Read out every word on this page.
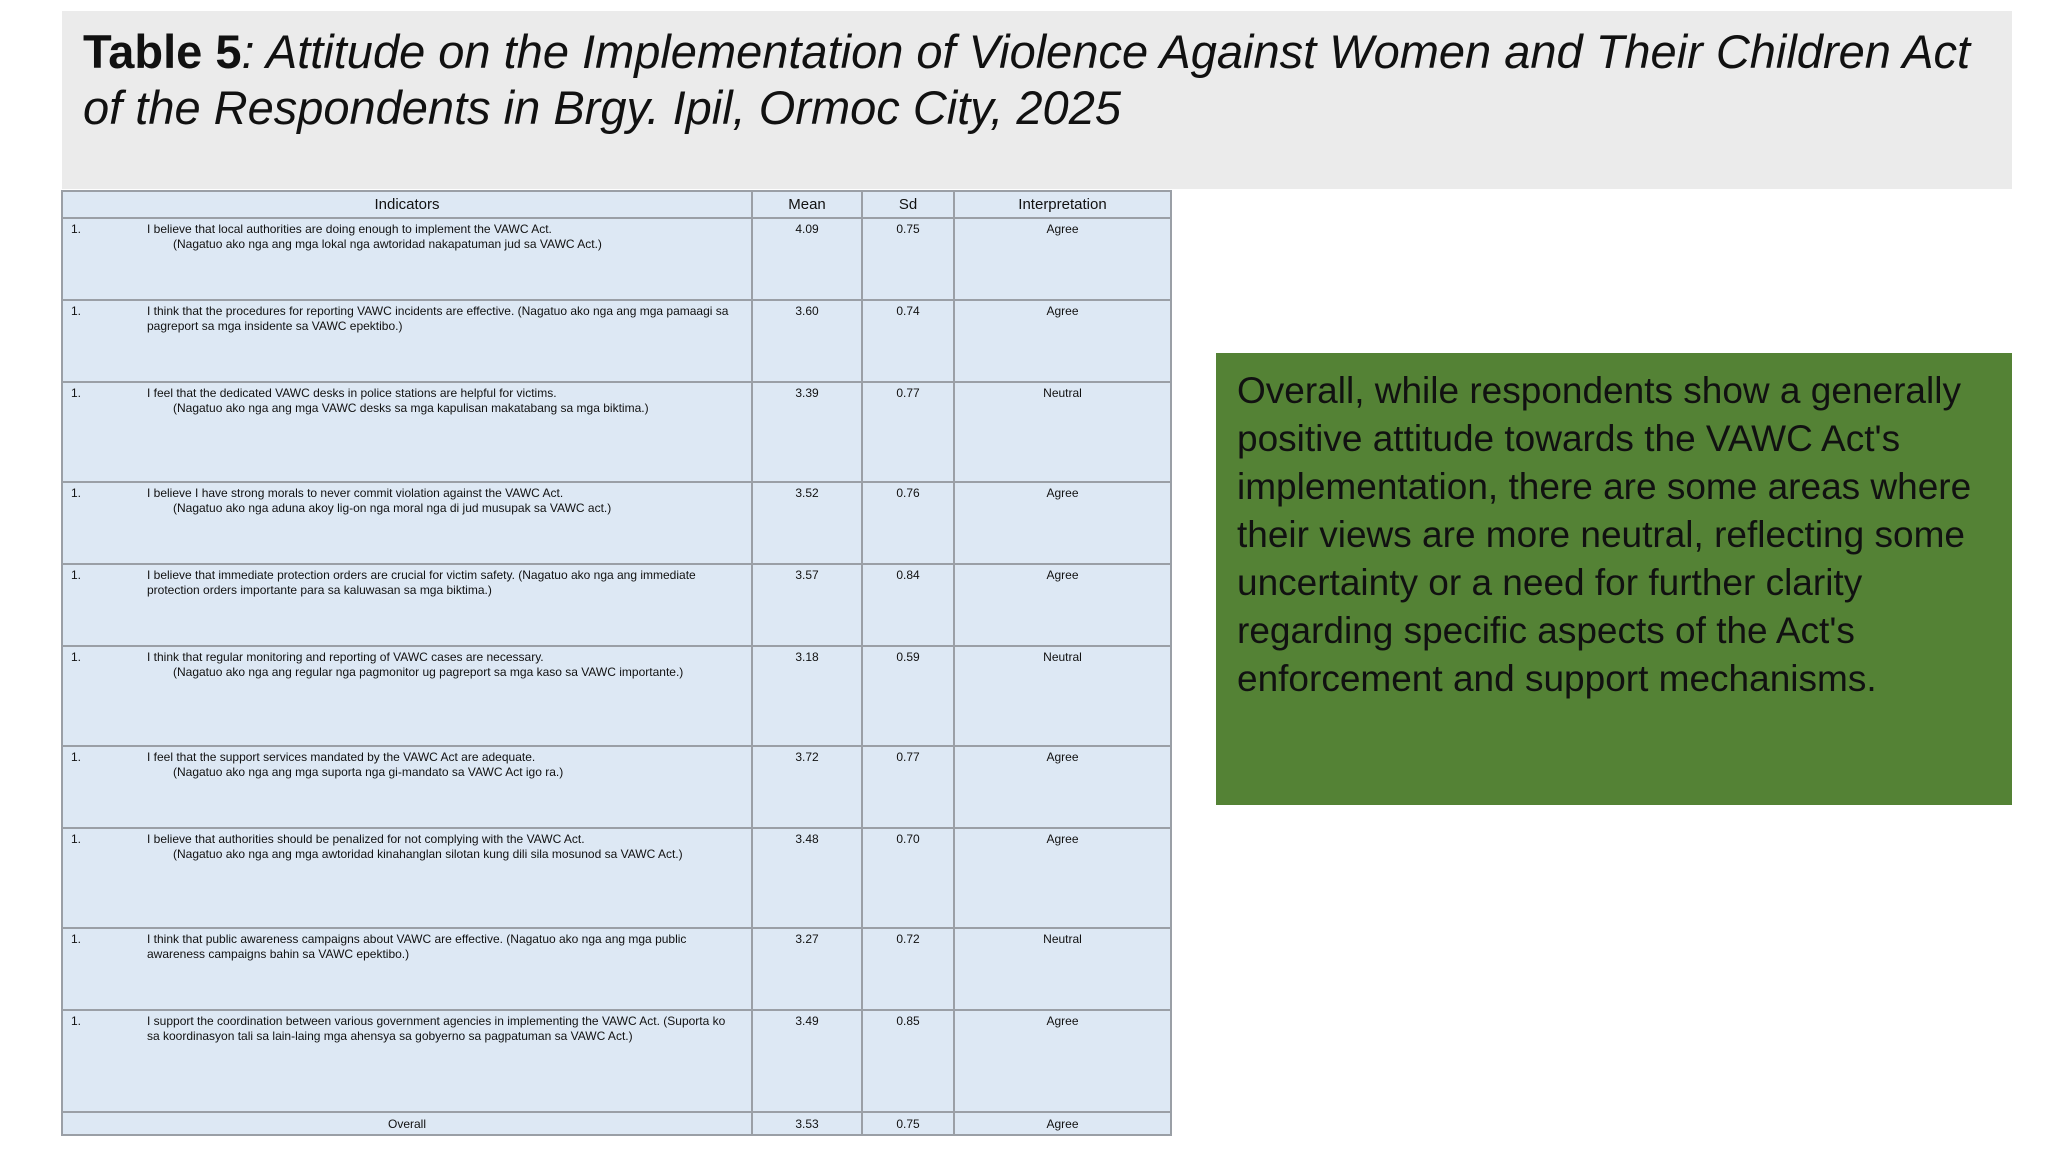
Table 5: Attitude on the Implementation of Violence Against Women and Their Children Act of the Respondents in Brgy. Ipil, Ormoc City, 2025
Indicators	Mean	Sd	Interpretation

1. I believe that local authorities are doing enough to implement the VAWC Act.
(Nagatuo ako nga ang mga lokal nga awtoridad nakapatuman jud sa VAWC Act.)	4.09	0.75	Agree

1. I think that the procedures for reporting VAWC incidents are effective. (Nagatuo ako nga ang mga pamaagi sa pagreport sa mga insidente sa VAWC epektibo.)	3.60	0.74	Agree

1. I feel that the dedicated VAWC desks in police stations are helpful for victims.
(Nagatuo ako nga ang mga VAWC desks sa mga kapulisan makatabang sa mga biktima.)	3.39	0.77	Neutral

1. I believe I have strong morals to never commit violation against the VAWC Act.
(Nagatuo ako nga aduna akoy lig-on nga moral nga di jud musupak sa VAWC act.)	3.52	0.76	Agree

1. I believe that immediate protection orders are crucial for victim safety. (Nagatuo ako nga ang immediate protection orders importante para sa kaluwasan sa mga biktima.)	3.57	0.84	Agree

1. I think that regular monitoring and reporting of VAWC cases are necessary.
(Nagatuo ako nga ang regular nga pagmonitor ug pagreport sa mga kaso sa VAWC importante.)	3.18	0.59	Neutral

1. I feel that the support services mandated by the VAWC Act are adequate.
(Nagatuo ako nga ang mga suporta nga gi-mandato sa VAWC Act igo ra.)	3.72	0.77	Agree

1. I believe that authorities should be penalized for not complying with the VAWC Act.
(Nagatuo ako nga ang mga awtoridad kinahanglan silotan kung dili sila mosunod sa VAWC Act.)	3.48	0.70	Agree

1. I think that public awareness campaigns about VAWC are effective. (Nagatuo ako nga ang mga public awareness campaigns bahin sa VAWC epektibo.)	3.27	0.72	Neutral

1. I support the coordination between various government agencies in implementing the VAWC Act. (Suporta ko sa koordinasyon tali sa lain-laing mga ahensya sa gobyerno sa pagpatuman sa VAWC Act.)	3.49	0.85	Agree
Overall	3.53	0.75	Agree
Overall, while respondents show a generally positive attitude towards the VAWC Act's implementation, there are some areas where their views are more neutral, reflecting some uncertainty or a need for further clarity regarding specific aspects of the Act's enforcement and support mechanisms.
